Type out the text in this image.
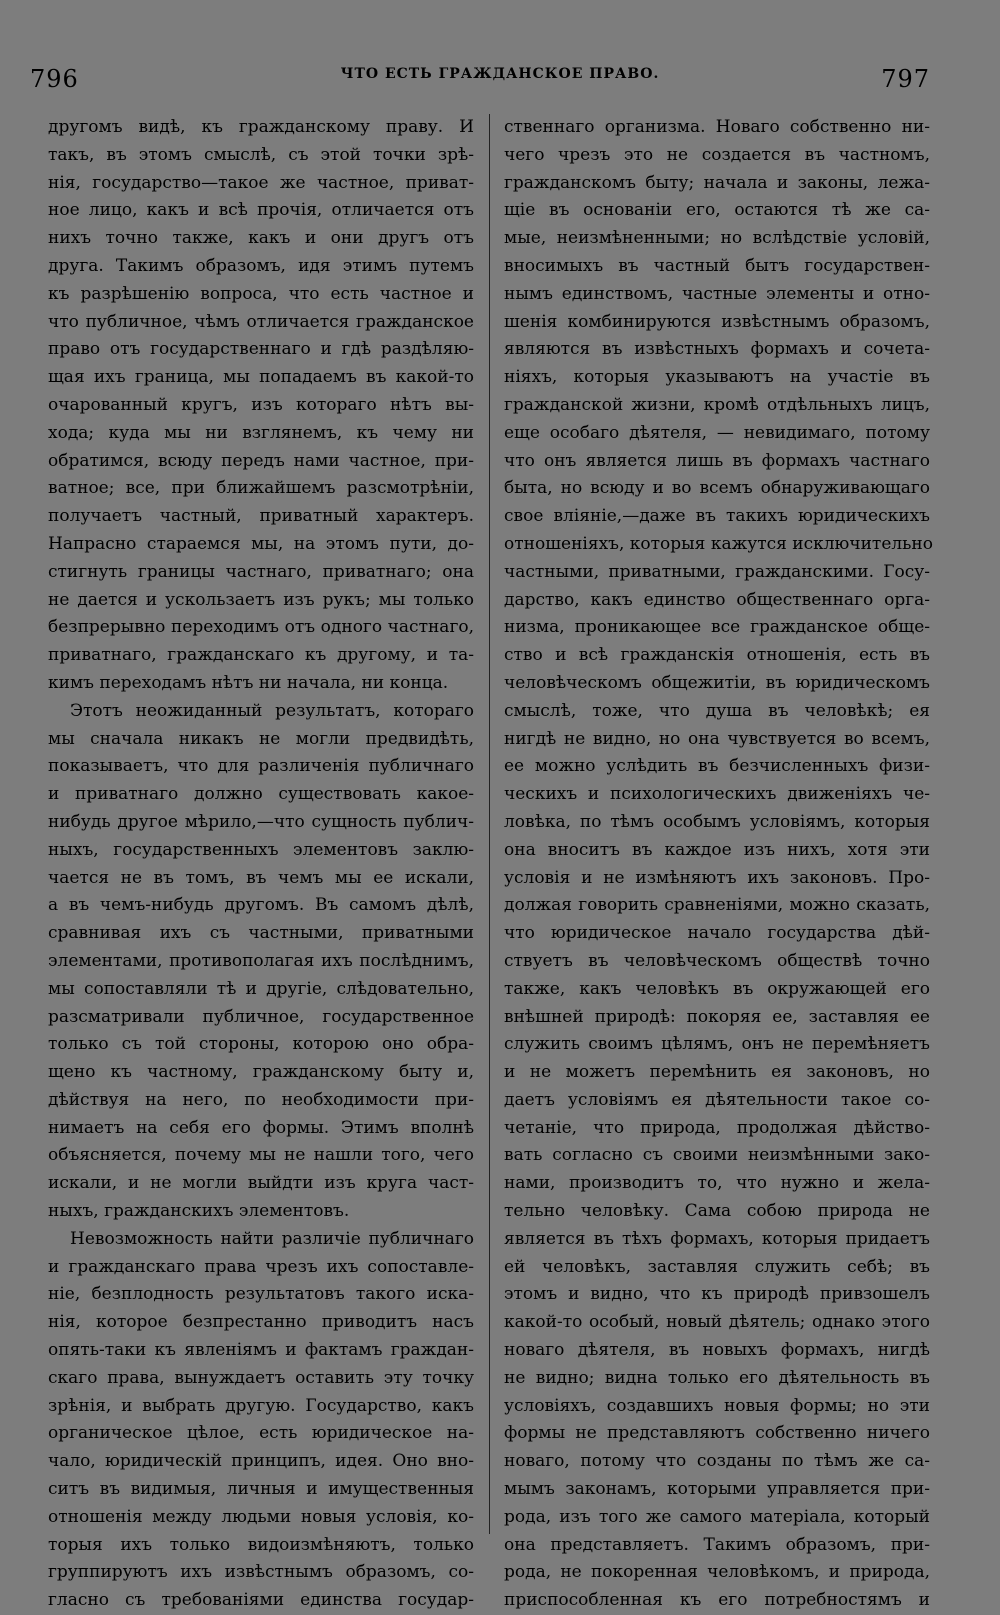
796	ЧТО ЕСТЬ ГРАЖДАНСКОЕ ПРАВО.	797
другомъ видѣ, къ гражданскому праву. И
такъ, въ этомъ смыслѣ, съ этой точки зрѣ-
нія, государство—такое же частное, приват-
ное лицо, какъ и всѣ прочія, отличается отъ
нихъ точно также, какъ и они другъ отъ
друга. Такимъ образомъ, идя этимъ путемъ
къ разрѣшенію вопроса, что есть частное и
что публичное, чѣмъ отличается гражданское
право отъ государственнаго и гдѣ раздѣляю-
щая ихъ граница, мы попадаемъ въ какой-то
очарованный кругъ, изъ котораго нѣтъ вы-
хода; куда мы ни взглянемъ, къ чему ни
обратимся, всюду передъ нами частное, при-
ватное; все, при ближайшемъ разсмотрѣніи,
получаетъ частный, приватный характеръ.
Напрасно стараемся мы, на этомъ пути, до-
стигнуть границы частнаго, приватнаго; она
не дается и ускользаетъ изъ рукъ; мы только
безпрерывно переходимъ отъ одного частнаго,
приватнаго, гражданскаго къ другому, и та-
кимъ переходамъ нѣтъ ни начала, ни конца.
Этотъ неожиданный результатъ, котораго
мы сначала никакъ не могли предвидѣть,
показываетъ, что для различенія публичнаго
и приватнаго должно существовать какое-
нибудь другое мѣрило,—что сущность публич-
ныхъ, государственныхъ элементовъ заклю-
чается не въ томъ, въ чемъ мы ее искали,
а въ чемъ-нибудь другомъ. Въ самомъ дѣлѣ,
сравнивая ихъ съ частными, приватными
элементами, противополагая ихъ послѣднимъ,
мы сопоставляли тѣ и другіе, слѣдовательно,
разсматривали публичное, государственное
только съ той стороны, которою оно обра-
щено къ частному, гражданскому быту и,
дѣйствуя на него, по необходимости при-
нимаетъ на себя его формы. Этимъ вполнѣ
объясняется, почему мы не нашли того, чего
искали, и не могли выйдти изъ круга част-
ныхъ, гражданскихъ элементовъ.
Невозможность найти различіе публичнаго
и гражданскаго права чрезъ ихъ сопоставле-
ніе, безплодность результатовъ такого иска-
нія, которое безпрестанно приводитъ насъ
опять-таки къ явленіямъ и фактамъ граждан-
скаго права, вынуждаетъ оставить эту точку
зрѣнія, и выбрать другую. Государство, какъ
органическое цѣлое, есть юридическое на-
чало, юридическій принципъ, идея. Оно вно-
ситъ въ видимыя, личныя и имущественныя
отношенія между людьми новыя условія, ко-
торыя ихъ только видоизмѣняютъ, только
группируютъ ихъ извѣстнымъ образомъ, со-
гласно съ требованіями единства государ-
ственнаго организма. Новаго собственно ни-
чего чрезъ это не создается въ частномъ,
гражданскомъ быту; начала и законы, лежа-
щіе въ основаніи его, остаются тѣ же са-
мые, неизмѣненными; но вслѣдствіе условій,
вносимыхъ въ частный бытъ государствен-
нымъ единствомъ, частные элементы и отно-
шенія комбинируются извѣстнымъ образомъ,
являются въ извѣстныхъ формахъ и сочета-
ніяхъ, которыя указываютъ на участіе въ
гражданской жизни, кромѣ отдѣльныхъ лицъ,
еще особаго дѣятеля, — невидимаго, потому
что онъ является лишь въ формахъ частнаго
быта, но всюду и во всемъ обнаруживающаго
свое вліяніе,—даже въ такихъ юридическихъ
отношеніяхъ, которыя кажутся исключительно
частными, приватными, гражданскими. Госу-
дарство, какъ единство общественнаго орга-
низма, проникающее все гражданское обще-
ство и всѣ гражданскія отношенія, есть въ
человѣческомъ общежитіи, въ юридическомъ
смыслѣ, тоже, что душа въ человѣкѣ; ея
нигдѣ не видно, но она чувствуется во всемъ,
ее можно услѣдить въ безчисленныхъ физи-
ческихъ и психологическихъ движеніяхъ че-
ловѣка, по тѣмъ особымъ условіямъ, которыя
она вноситъ въ каждое изъ нихъ, хотя эти
условія и не измѣняютъ ихъ законовъ. Про-
должая говорить сравненіями, можно сказать,
что юридическое начало государства дѣй-
ствуетъ въ человѣческомъ обществѣ точно
также, какъ человѣкъ въ окружающей его
внѣшней природѣ: покоряя ее, заставляя ее
служить своимъ цѣлямъ, онъ не перемѣняетъ
и не можетъ перемѣнить ея законовъ, но
даетъ условіямъ ея дѣятельности такое со-
четаніе, что природа, продолжая дѣйство-
вать согласно съ своими неизмѣнными зако-
нами, производитъ то, что нужно и жела-
тельно человѣку. Сама собою природа не
является въ тѣхъ формахъ, которыя придаетъ
ей человѣкъ, заставляя служить себѣ; въ
этомъ и видно, что къ природѣ привзошелъ
какой-то особый, новый дѣятель; однако этого
новаго дѣятеля, въ новыхъ формахъ, нигдѣ
не видно; видна только его дѣятельность въ
условіяхъ, создавшихъ новыя формы; но эти
формы не представляютъ собственно ничего
новаго, потому что созданы по тѣмъ же са-
мымъ законамъ, которыми управляется при-
рода, изъ того же самого матеріала, который
она представляетъ. Такимъ образомъ, при-
рода, не покоренная человѣкомъ, и природа,
приспособленная къ его потребностямъ и
